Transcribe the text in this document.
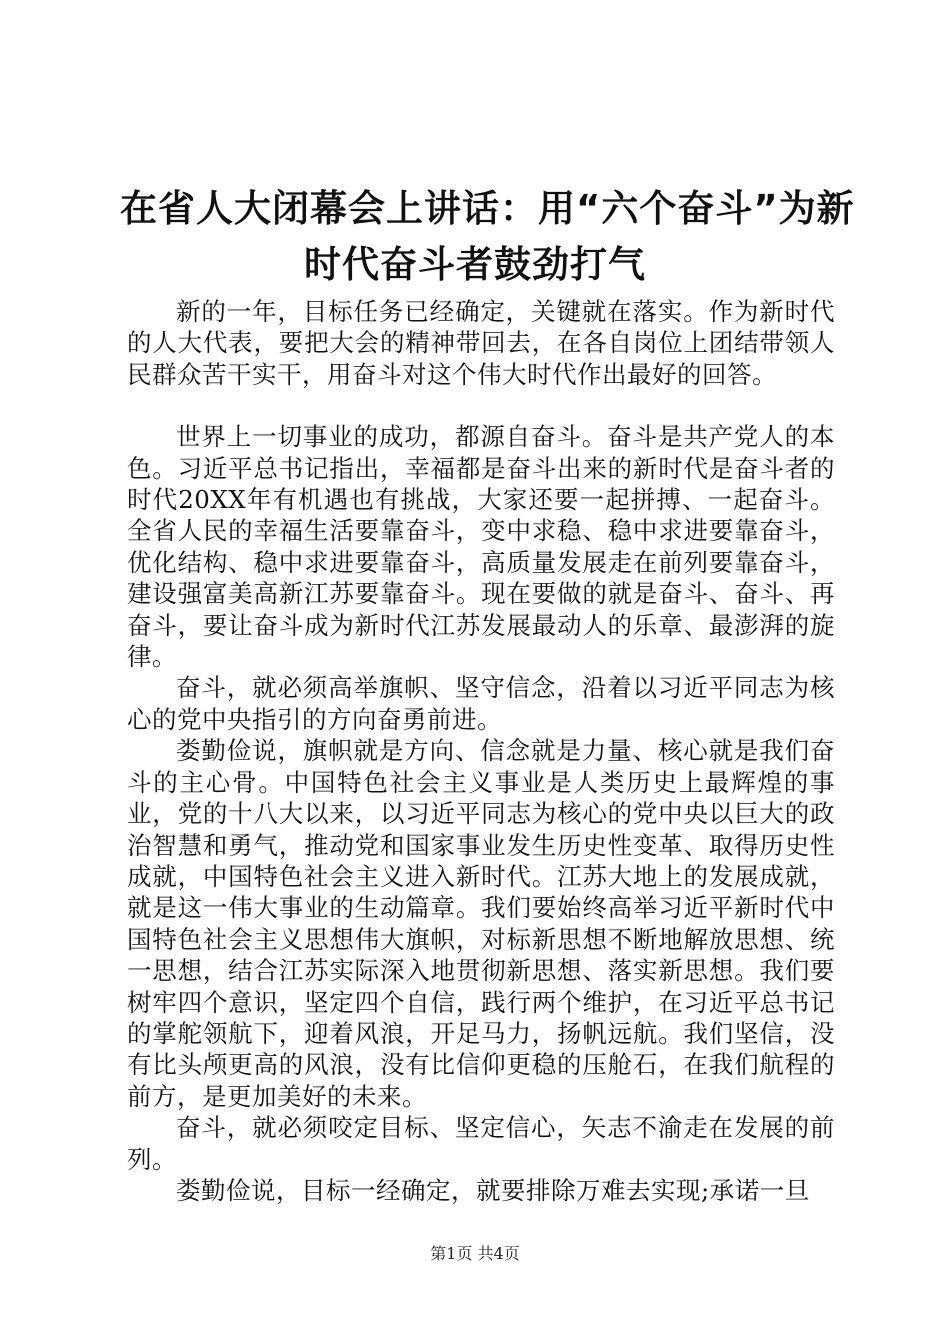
在省人大闭幕会上讲话：用“六个奋斗”为新
时代奋斗者鼓劲打气

新的一年，目标任务已经确定，关键就在落实。作为新时代的人大代表，要把大会的精神带回去，在各自岗位上团结带领人民群众苦干实干，用奋斗对这个伟大时代作出最好的回答。

世界上一切事业的成功，都源自奋斗。奋斗是共产党人的本色。习近平总书记指出，幸福都是奋斗出来的新时代是奋斗者的时代20XX年有机遇也有挑战，大家还要一起拼搏、一起奋斗。全省人民的幸福生活要靠奋斗，变中求稳、稳中求进要靠奋斗，优化结构、稳中求进要靠奋斗，高质量发展走在前列要靠奋斗，建设强富美高新江苏要靠奋斗。现在要做的就是奋斗、奋斗、再奋斗，要让奋斗成为新时代江苏发展最动人的乐章、最澎湃的旋律。

奋斗，就必须高举旗帜、坚守信念，沿着以习近平同志为核心的党中央指引的方向奋勇前进。

娄勤俭说，旗帜就是方向、信念就是力量、核心就是我们奋斗的主心骨。中国特色社会主义事业是人类历史上最辉煌的事业，党的十八大以来，以习近平同志为核心的党中央以巨大的政治智慧和勇气，推动党和国家事业发生历史性变革、取得历史性成就，中国特色社会主义进入新时代。江苏大地上的发展成就，就是这一伟大事业的生动篇章。我们要始终高举习近平新时代中国特色社会主义思想伟大旗帜，对标新思想不断地解放思想、统一思想，结合江苏实际深入地贯彻新思想、落实新思想。我们要树牢四个意识，坚定四个自信，践行两个维护，在习近平总书记的掌舵领航下，迎着风浪，开足马力，扬帆远航。我们坚信，没有比头颅更高的风浪，没有比信仰更稳的压舱石，在我们航程的前方，是更加美好的未来。

奋斗，就必须咬定目标、坚定信心，矢志不渝走在发展的前列。

娄勤俭说，目标一经确定，就要排除万难去实现;承诺一旦

第1页 共4页
